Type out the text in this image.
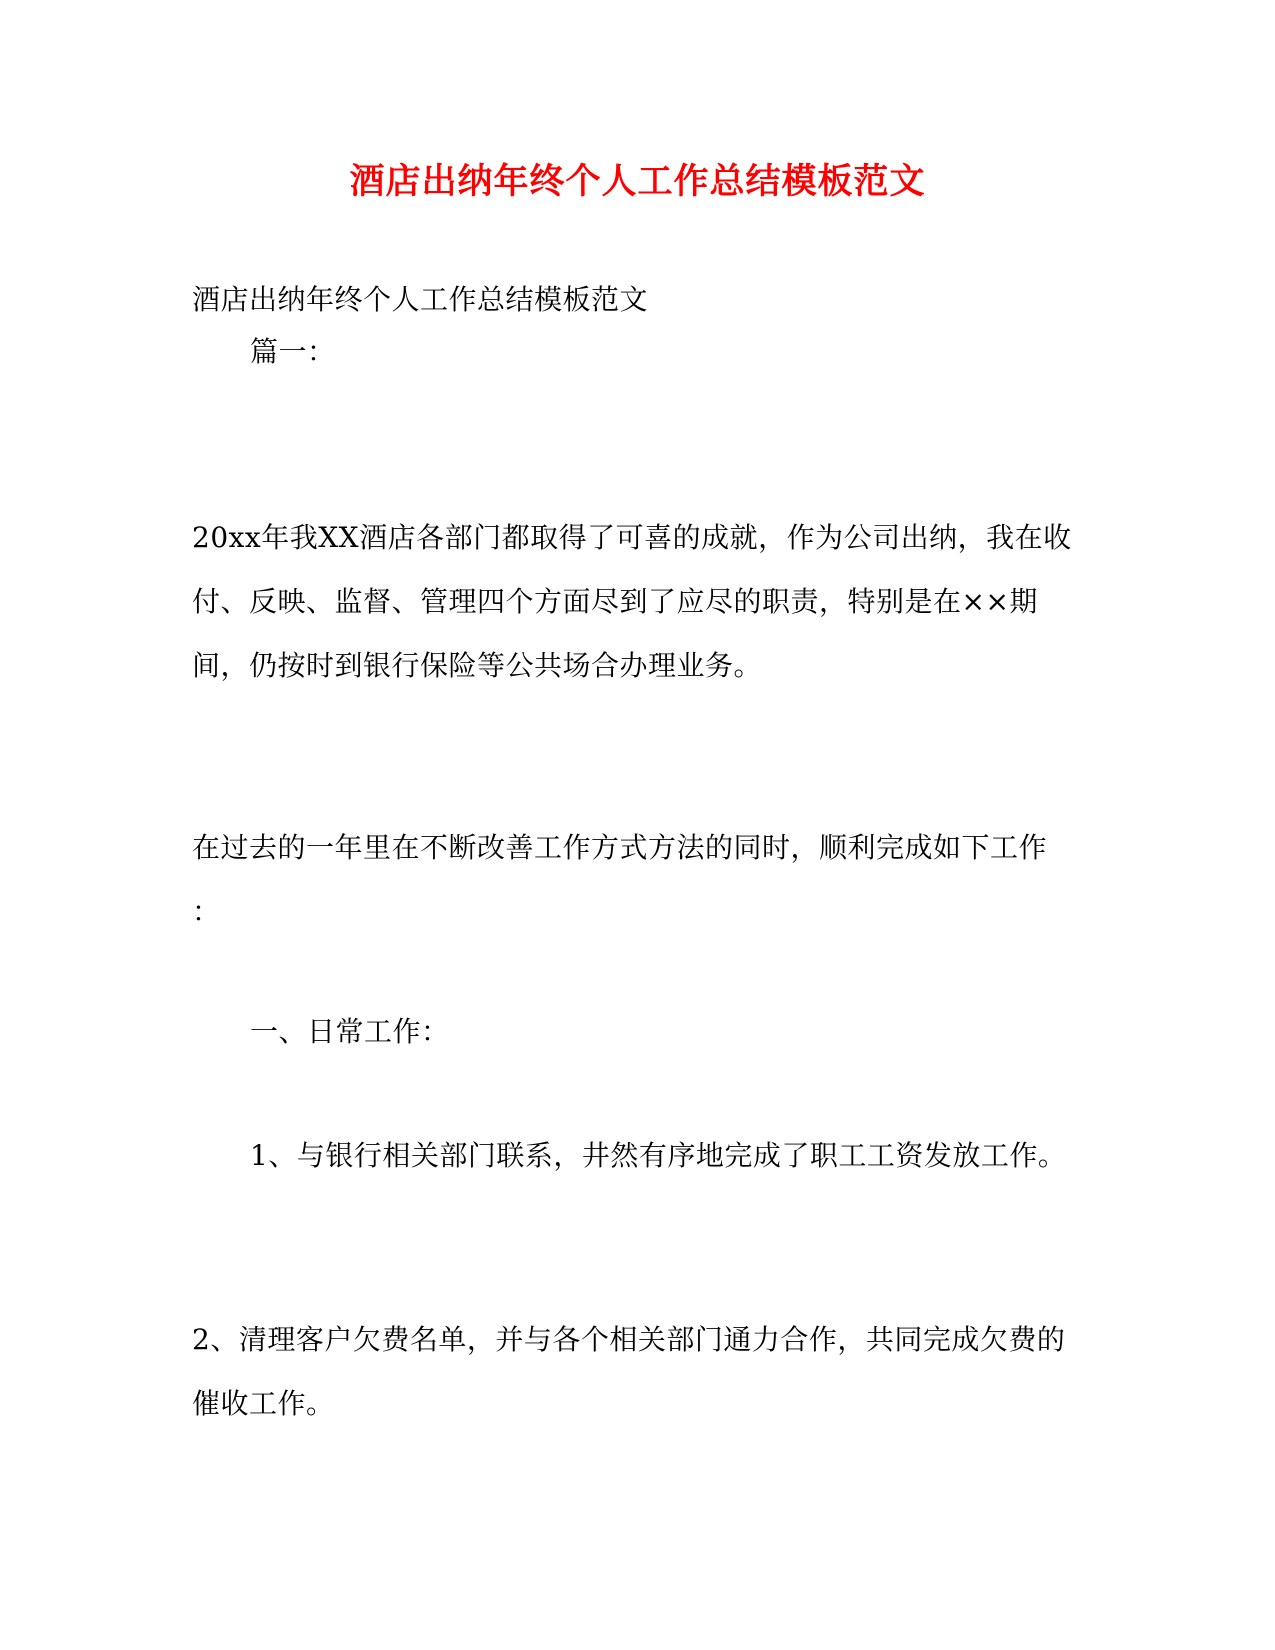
酒店出纳年终个人工作总结模板范文
酒店出纳年终个人工作总结模板范文
篇一：
20xx年我XX酒店各部门都取得了可喜的成就，作为公司出纳，我在收
付、反映、监督、管理四个方面尽到了应尽的职责，特别是在××期
间，仍按时到银行保险等公共场合办理业务。
在过去的一年里在不断改善工作方式方法的同时，顺利完成如下工作
：
一、日常工作：
1、与银行相关部门联系，井然有序地完成了职工工资发放工作。
2、清理客户欠费名单，并与各个相关部门通力合作，共同完成欠费的
催收工作。
